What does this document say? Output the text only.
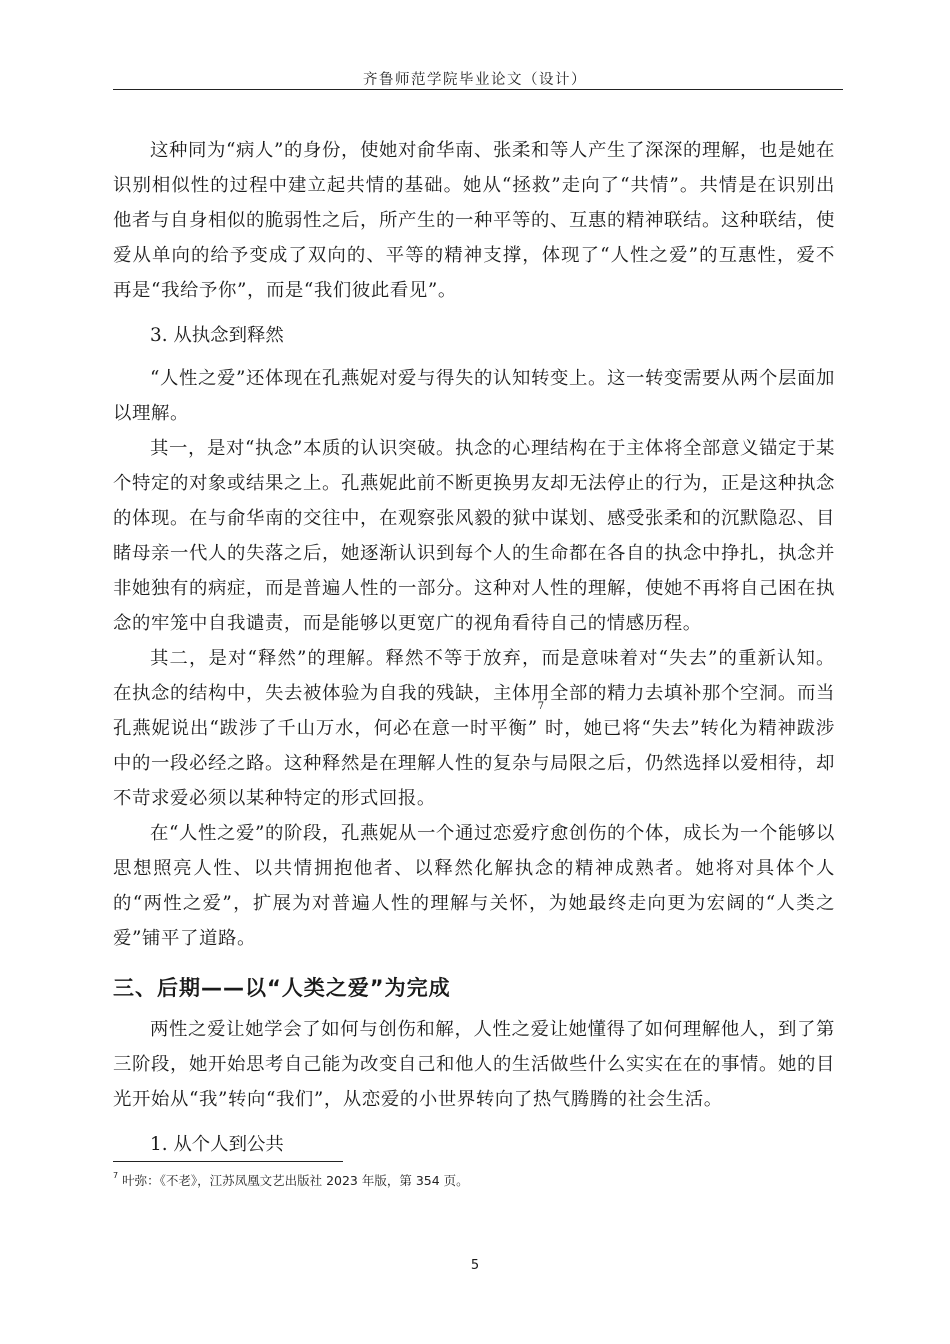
齐鲁师范学院毕业论文（设计）

这种同为“病人”的身份，使她对俞华南、张柔和等人产生了深深的理解，也是她在识别相似性的过程中建立起共情的基础。她从“拯救”走向了“共情”。共情是在识别出他者与自身相似的脆弱性之后，所产生的一种平等的、互惠的精神联结。这种联结，使爱从单向的给予变成了双向的、平等的精神支撑，体现了“人性之爱”的互惠性，爱不再是“我给予你”，而是“我们彼此看见”。

3. 从执念到释然

“人性之爱”还体现在孔燕妮对爱与得失的认知转变上。这一转变需要从两个层面加以理解。

其一，是对“执念”本质的认识突破。执念的心理结构在于主体将全部意义锚定于某个特定的对象或结果之上。孔燕妮此前不断更换男友却无法停止的行为，正是这种执念的体现。在与俞华南的交往中，在观察张风毅的狱中谋划、感受张柔和的沉默隐忍、目睹母亲一代人的失落之后，她逐渐认识到每个人的生命都在各自的执念中挣扎，执念并非她独有的病症，而是普遍人性的一部分。这种对人性的理解，使她不再将自己困在执念的牢笼中自我谴责，而是能够以更宽广的视角看待自己的情感历程。

其二，是对“释然”的理解。释然不等于放弃，而是意味着对“失去”的重新认知。在执念的结构中，失去被体验为自我的残缺，主体用全部的精力去填补那个空洞。而当孔燕妮说出“跋涉了千山万水，何必在意一时平衡”$^7$时，她已将“失去”转化为精神跋涉中的一段必经之路。这种释然是在理解人性的复杂与局限之后，仍然选择以爱相待，却不苛求爱必须以某种特定的形式回报。

在“人性之爱”的阶段，孔燕妮从一个通过恋爱疗愈创伤的个体，成长为一个能够以思想照亮人性、以共情拥抱他者、以释然化解执念的精神成熟者。她将对具体个人的“两性之爱”，扩展为对普遍人性的理解与关怀，为她最终走向更为宏阔的“人类之爱”铺平了道路。

三、后期——以“人类之爱”为完成

两性之爱让她学会了如何与创伤和解，人性之爱让她懂得了如何理解他人，到了第三阶段，她开始思考自己能为改变自己和他人的生活做些什么实实在在的事情。她的目光开始从“我”转向“我们”，从恋爱的小世界转向了热气腾腾的社会生活。

1. 从个人到公共
$^7$ 叶弥：《不老》，江苏凤凰文艺出版社 2023 年版，第 354 页。
5
